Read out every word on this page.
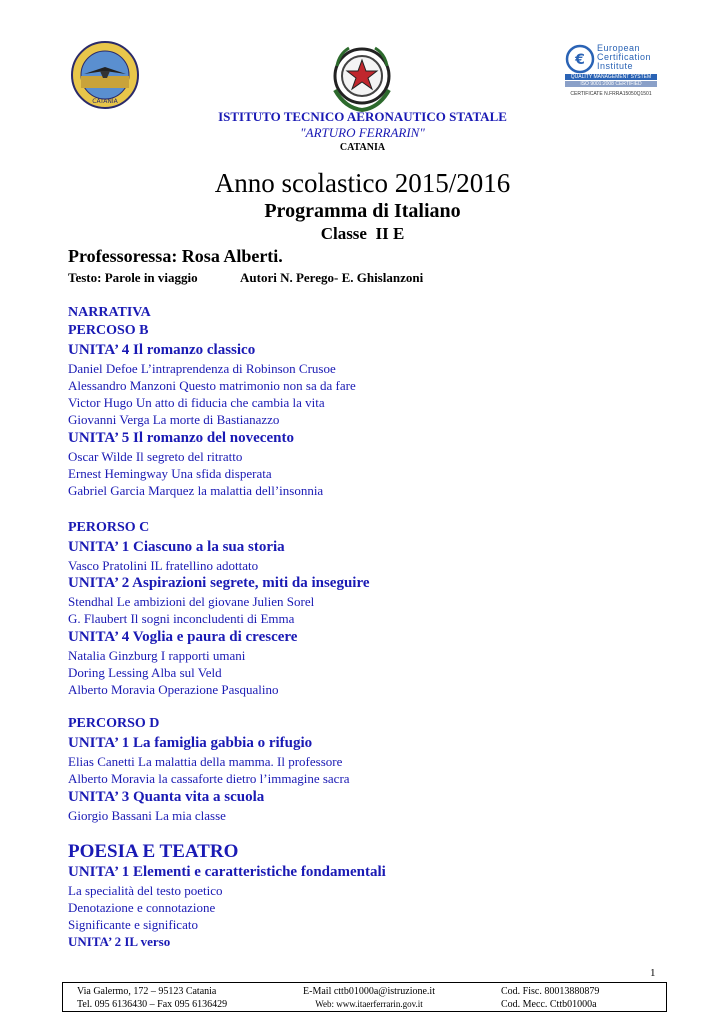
CATANIA
€
European
Certification
Institute
QUALITY MANAGEMENT SYSTEM
ISO 9001:2008 CERTIFIED
CERTIFICATE N.FRRA15050Q1501
ISTITUTO TECNICO AERONAUTICO STATALE
"ARTURO FERRARIN"
CATANIA
Anno scolastico 2015/2016
Programma di Italiano
Classe  II E
Professoressa: Rosa Alberti.
Testo: Parole in viaggio	Autori N. Perego- E. Ghislanzoni
NARRATIVA
PERCOSO B
UNITA’ 4 Il romanzo classico
Daniel Defoe L’intraprendenza di Robinson Crusoe
Alessandro Manzoni Questo matrimonio non sa da fare
Victor Hugo Un atto di fiducia che cambia la vita
Giovanni Verga La morte di Bastianazzo
UNITA’ 5 Il romanzo del novecento
Oscar Wilde Il segreto del ritratto
Ernest Hemingway Una sfida disperata
Gabriel Garcia Marquez la malattia dell’insonnia
PERORSO C
UNITA’ 1 Ciascuno a la sua storia
Vasco Pratolini IL fratellino adottato
UNITA’ 2 Aspirazioni segrete, miti da inseguire
Stendhal Le ambizioni del giovane Julien Sorel
G. Flaubert Il sogni inconcludenti di Emma
UNITA’ 4 Voglia e paura di crescere
Natalia Ginzburg I rapporti umani
Doring Lessing Alba sul Veld
Alberto Moravia Operazione Pasqualino
PERCORSO D
UNITA’ 1 La famiglia gabbia o rifugio
Elias Canetti La malattia della mamma. Il professore
Alberto Moravia la cassaforte dietro l’immagine sacra
UNITA’ 3 Quanta vita a scuola
Giorgio Bassani La mia classe
POESIA E TEATRO
UNITA’ 1 Elementi e caratteristiche fondamentali
La specialità del testo poetico
Denotazione e connotazione
Significante e significato
UNITA’ 2 IL verso
1
Via Galermo, 172 – 95123 Catania
Tel. 095 6136430 – Fax 095 6136429
E-Mail cttb01000a@istruzione.it
Web: www.itaerferrarin.gov.it
Cod. Fisc. 80013880879
Cod. Mecc. Cttb01000a
